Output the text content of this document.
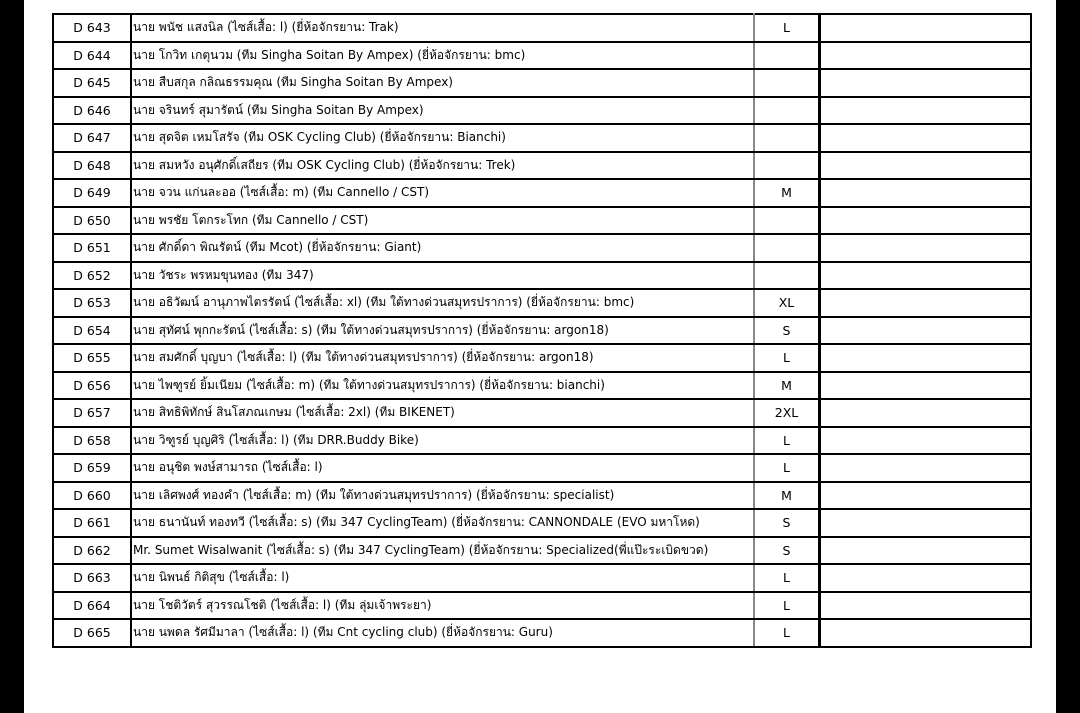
D 643	นาย พนัช แสงนิล (ไซส์เสื้อ: l) (ยี่ห้อจักรยาน: Trak)	L	
D 644	นาย โกวิท เกตุนวม (ทีม Singha Soitan By Ampex) (ยี่ห้อจักรยาน: bmc)		
D 645	นาย สืบสกุล กลิณธรรมคุณ (ทีม Singha Soitan By Ampex)		
D 646	นาย จรินทร์ สุมารัตน์ (ทีม Singha Soitan By Ampex)		
D 647	นาย สุดจิต เหมโสรัจ (ทีม OSK Cycling Club) (ยี่ห้อจักรยาน: Bianchi)		
D 648	นาย สมหวัง อนุศักดิ์เสถียร (ทีม OSK Cycling Club) (ยี่ห้อจักรยาน: Trek)		
D 649	นาย จวน แก่นละออ (ไซส์เสื้อ: m) (ทีม Cannello / CST)	M	
D 650	นาย พรชัย โตกระโทก (ทีม Cannello / CST)		
D 651	นาย ศักดิ์ดา พิณรัตน์ (ทีม Mcot) (ยี่ห้อจักรยาน: Giant)		
D 652	นาย วัชระ พรหมขุนทอง (ทีม 347)		
D 653	นาย อธิวัฒน์ อานุภาพไตรรัตน์ (ไซส์เสื้อ: xl) (ทีม ใต้ทางด่วนสมุทรปราการ) (ยี่ห้อจักรยาน: bmc)	XL	
D 654	นาย สุทัศน์ พุกกะรัตน์ (ไซส์เสื้อ: s) (ทีม ใต้ทางด่วนสมุทรปราการ) (ยี่ห้อจักรยาน: argon18)	S	
D 655	นาย สมศักดิ์ บุญบา (ไซส์เสื้อ: l) (ทีม ใต้ทางด่วนสมุทรปราการ) (ยี่ห้อจักรยาน: argon18)	L	
D 656	นาย ไพฑูรย์ ยิ้มเนียม (ไซส์เสื้อ: m) (ทีม ใต้ทางด่วนสมุทรปราการ) (ยี่ห้อจักรยาน: bianchi)	M	
D 657	นาย สิทธิพิทักษ์ สินโสภณเกษม (ไซส์เสื้อ: 2xl) (ทีม BIKENET)	2XL	
D 658	นาย วิฑูรย์ บุญศิริ (ไซส์เสื้อ: l) (ทีม DRR.Buddy Bike)	L	
D 659	นาย อนุชิต พงษ์สามารถ (ไซส์เสื้อ: l)	L	
D 660	นาย เลิศพงศ์ ทองคำ (ไซส์เสื้อ: m) (ทีม ใต้ทางด่วนสมุทรปราการ) (ยี่ห้อจักรยาน: specialist)	M	
D 661	นาย ธนานันท์ ทองทวี (ไซส์เสื้อ: s) (ทีม 347 CyclingTeam) (ยี่ห้อจักรยาน: CANNONDALE (EVO มหาโหด)	S	
D 662	Mr. Sumet Wisalwanit (ไซส์เสื้อ: s) (ทีม 347 CyclingTeam) (ยี่ห้อจักรยาน: Specialized(พี่แป๊ะระเบิดขวด)	S	
D 663	นาย นิพนธ์ กิติสุข (ไซส์เสื้อ: l)	L	
D 664	นาย โชติวัตร์ สุวรรณโชติ (ไซส์เสื้อ: l) (ทีม ลุ่มเจ้าพระยา)	L	
D 665	นาย นพดล รัศมีมาลา (ไซส์เสื้อ: l) (ทีม Cnt cycling club) (ยี่ห้อจักรยาน: Guru)	L	
